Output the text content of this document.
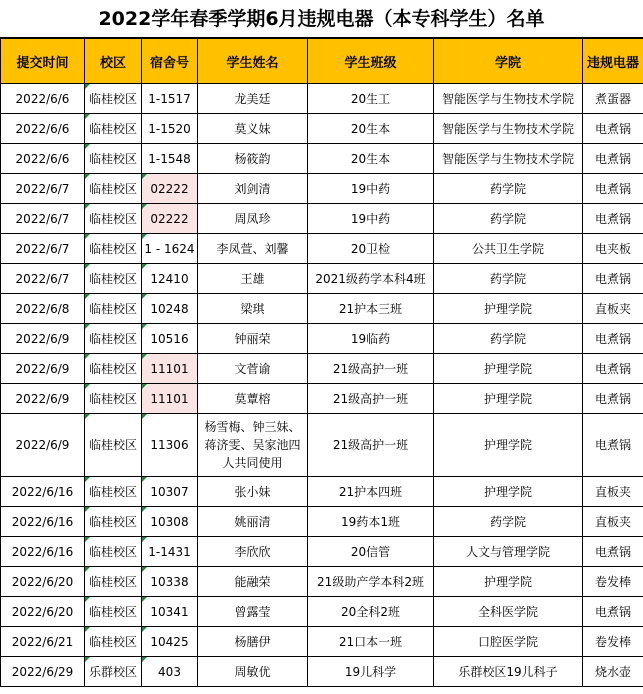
2022学年春季学期6月违规电器（本专科学生）名单
提交时间	校区	宿舍号	学生姓名	学生班级	学院	违规电器
2022/6/6	临桂校区	1-1517	龙美廷	20生工	智能医学与生物技术学院	煮蛋器
2022/6/6	临桂校区	1-1520	莫义妹	20生本	智能医学与生物技术学院	电煮锅
2022/6/6	临桂校区	1-1548	杨筱韵	20生本	智能医学与生物技术学院	电煮锅
2022/6/7	临桂校区	02222	刘剑清	19中药	药学院	电煮锅
2022/6/7	临桂校区	02222	周凤珍	19中药	药学院	电煮锅
2022/6/7	临桂校区	1 - 1624	李凤萱、刘馨	20卫检	公共卫生学院	电夹板
2022/6/7	临桂校区	12410	王雄	2021级药学本科4班	药学院	电煮锅
2022/6/8	临桂校区	10248	梁琪	21护本三班	护理学院	直板夹
2022/6/9	临桂校区	10516	钟丽荣	19临药	药学院	电煮锅
2022/6/9	临桂校区	11101	文菅谕	21级高护一班	护理学院	电煮锅
2022/6/9	临桂校区	11101	莫蕈榕	21级高护一班	护理学院	电煮锅
2022/6/9	临桂校区	11306	杨雪梅、钟三妹、蒋济雯、吴家池四人共同使用	21级高护一班	护理学院	电煮锅
2022/6/16	临桂校区	10307	张小妹	21护本四班	护理学院	直板夹
2022/6/16	临桂校区	10308	姚丽清	19药本1班	药学院	直板夹
2022/6/16	临桂校区	1-1431	李欣欣	20信管	人文与管理学院	电煮锅
2022/6/20	临桂校区	10338	能融荣	21级助产学本科2班	护理学院	卷发棒
2022/6/20	临桂校区	10341	曾露莹	20全科2班	全科医学院	电煮锅
2022/6/21	临桂校区	10425	杨膳伊	21口本一班	口腔医学院	卷发棒
2022/6/29	乐群校区	403	周敏优	19儿科学	乐群校区19儿科子	烧水壶
